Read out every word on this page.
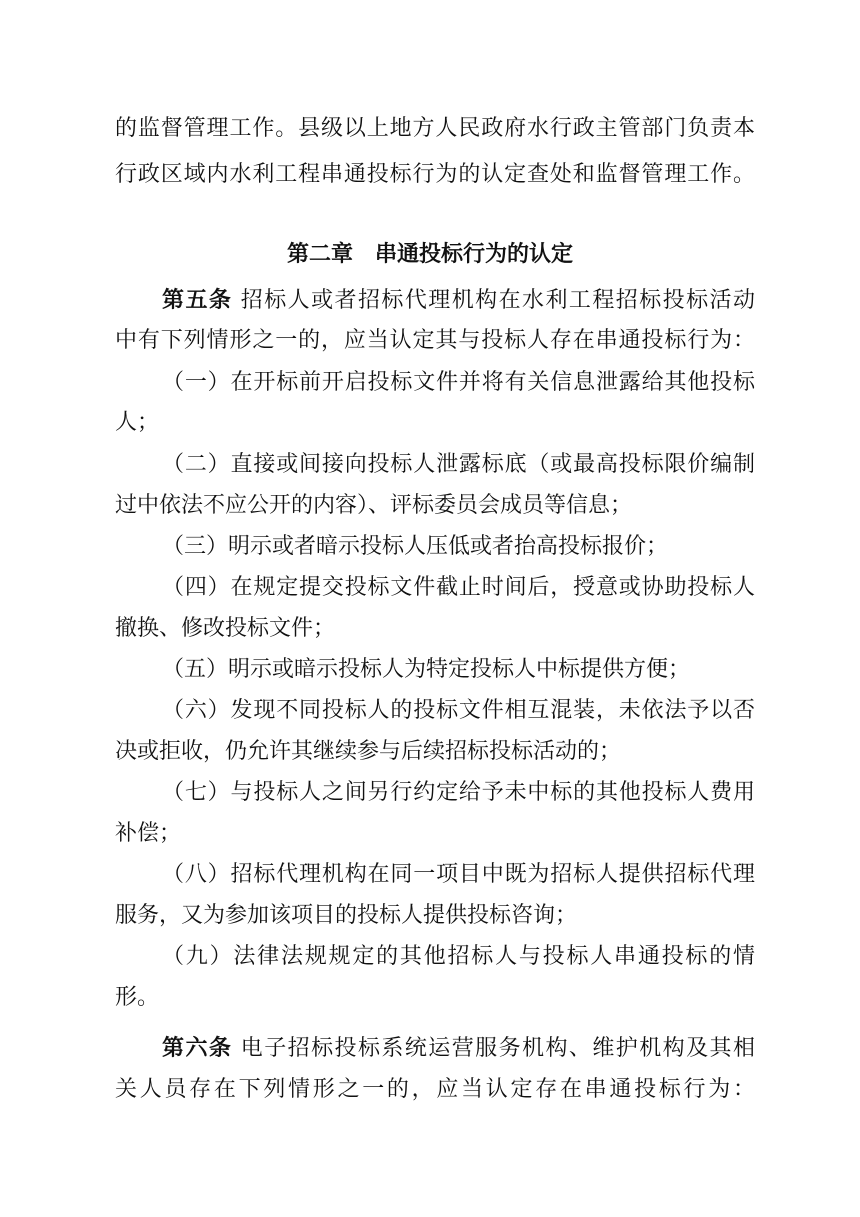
的监督管理工作。县级以上地方人民政府水行政主管部门负责本
行政区域内水利工程串通投标行为的认定查处和监督管理工作。
第二章　串通投标行为的认定
第五条 招标人或者招标代理机构在水利工程招标投标活动
中有下列情形之一的，应当认定其与投标人存在串通投标行为：
（一）在开标前开启投标文件并将有关信息泄露给其他投标
人；
（二）直接或间接向投标人泄露标底（或最高投标限价编制
过中依法不应公开的内容）、评标委员会成员等信息；
（三）明示或者暗示投标人压低或者抬高投标报价；
（四）在规定提交投标文件截止时间后，授意或协助投标人
撤换、修改投标文件；
（五）明示或暗示投标人为特定投标人中标提供方便；
（六）发现不同投标人的投标文件相互混装，未依法予以否
决或拒收，仍允许其继续参与后续招标投标活动的；
（七）与投标人之间另行约定给予未中标的其他投标人费用
补偿；
（八）招标代理机构在同一项目中既为招标人提供招标代理
服务，又为参加该项目的投标人提供投标咨询；
（九）法律法规规定的其他招标人与投标人串通投标的情
形。
第六条 电子招标投标系统运营服务机构、维护机构及其相
关人员存在下列情形之一的，应当认定存在串通投标行为：
